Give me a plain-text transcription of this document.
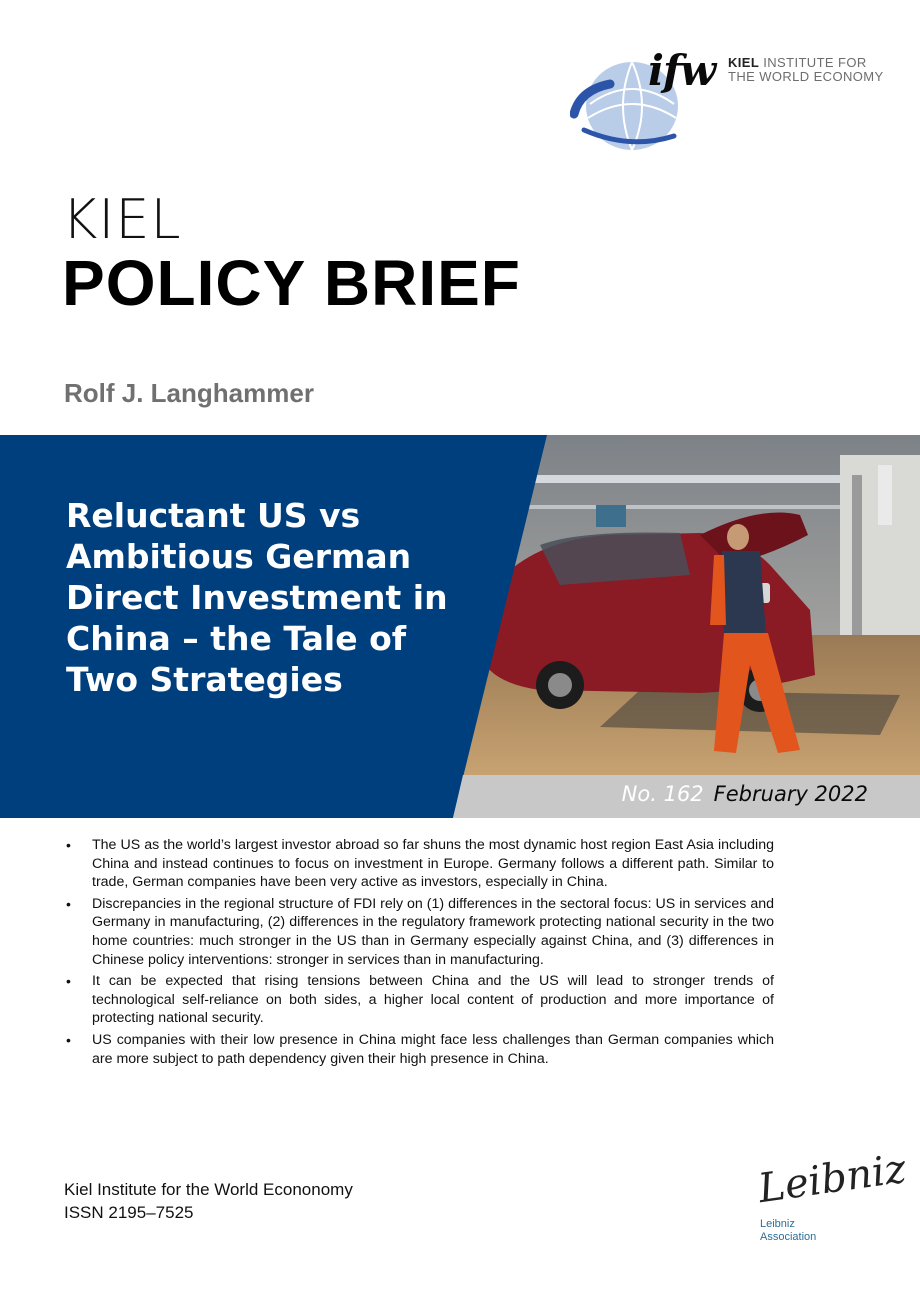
ifw KIEL INSTITUTE FOR
THE WORLD ECONOMY
KIEL
POLICY BRIEF
Rolf J. Langhammer
Reluctant US vs Ambitious German Direct Investment in China – the Tale of Two Strategies
No. 162 February 2022
• The US as the world’s largest investor abroad so far shuns the most dynamic host region East Asia including China and instead continues to focus on investment in Europe. Germany follows a different path. Similar to trade, German companies have been very active as investors, especially in China.
• Discrepancies in the regional structure of FDI rely on (1) differences in the sectoral focus: US in services and Germany in manufacturing, (2) differences in the regulatory framework protecting national security in the two home countries: much stronger in the US than in Germany especially against China, and (3) differences in Chinese policy interventions: stronger in services than in manufacturing.
• It can be expected that rising tensions between China and the US will lead to stronger trends of technological self-reliance on both sides, a higher local content of production and more importance of protecting national security.
• US companies with their low presence in China might face less challenges than German companies which are more subject to path dependency given their high presence in China.
Kiel Institute for the World Econonomy
ISSN 2195–7525
Leibniz
Leibniz
Association
